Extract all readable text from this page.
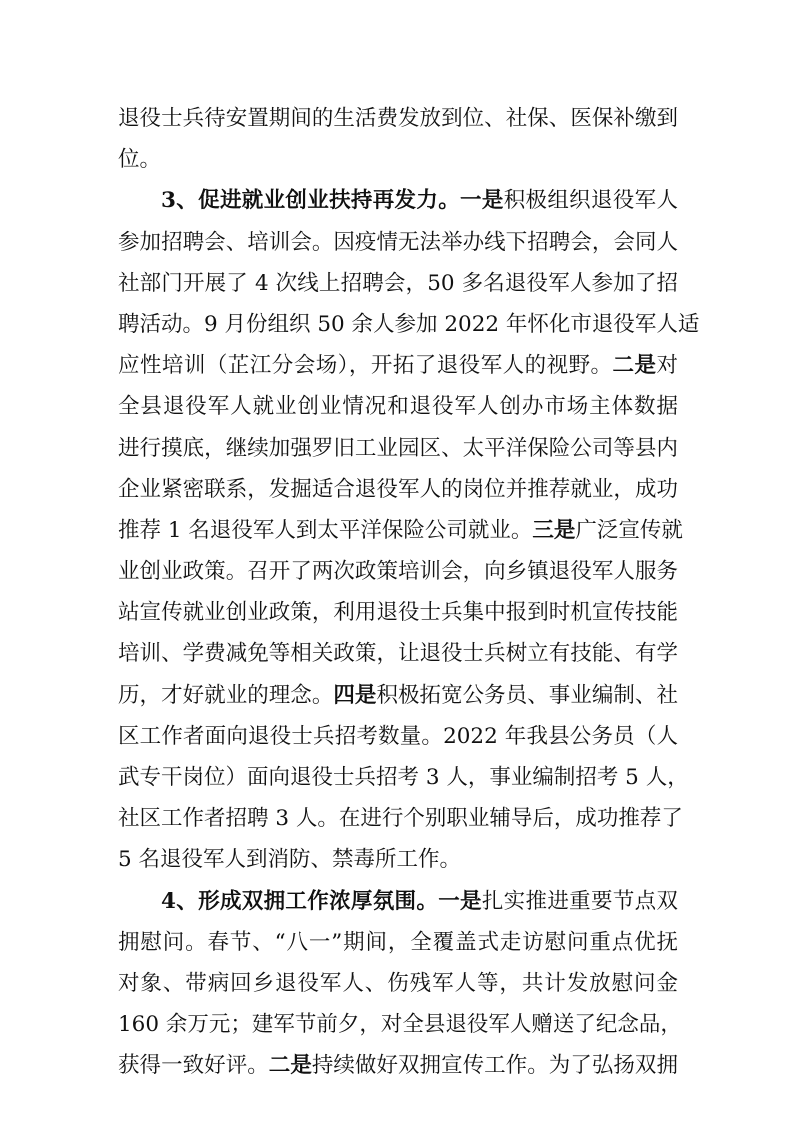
退役士兵待安置期间的生活费发放到位、社保、医保补缴到
位。
3、促进就业创业扶持再发力。一是积极组织退役军人
参加招聘会、培训会。因疫情无法举办线下招聘会，会同人
社部门开展了 4 次线上招聘会，50 多名退役军人参加了招
聘活动。9 月份组织 50 余人参加 2022 年怀化市退役军人适
应性培训（芷江分会场），开拓了退役军人的视野。二是对
全县退役军人就业创业情况和退役军人创办市场主体数据
进行摸底，继续加强罗旧工业园区、太平洋保险公司等县内
企业紧密联系，发掘适合退役军人的岗位并推荐就业，成功
推荐 1 名退役军人到太平洋保险公司就业。三是广泛宣传就
业创业政策。召开了两次政策培训会，向乡镇退役军人服务
站宣传就业创业政策，利用退役士兵集中报到时机宣传技能
培训、学费减免等相关政策，让退役士兵树立有技能、有学
历，才好就业的理念。四是积极拓宽公务员、事业编制、社
区工作者面向退役士兵招考数量。2022 年我县公务员（人
武专干岗位）面向退役士兵招考 3 人，事业编制招考 5 人，
社区工作者招聘 3 人。在进行个别职业辅导后，成功推荐了
5 名退役军人到消防、禁毒所工作。
4、形成双拥工作浓厚氛围。一是扎实推进重要节点双
拥慰问。春节、“八一”期间，全覆盖式走访慰问重点优抚
对象、带病回乡退役军人、伤残军人等，共计发放慰问金
160 余万元；建军节前夕，对全县退役军人赠送了纪念品，
获得一致好评。二是持续做好双拥宣传工作。为了弘扬双拥
